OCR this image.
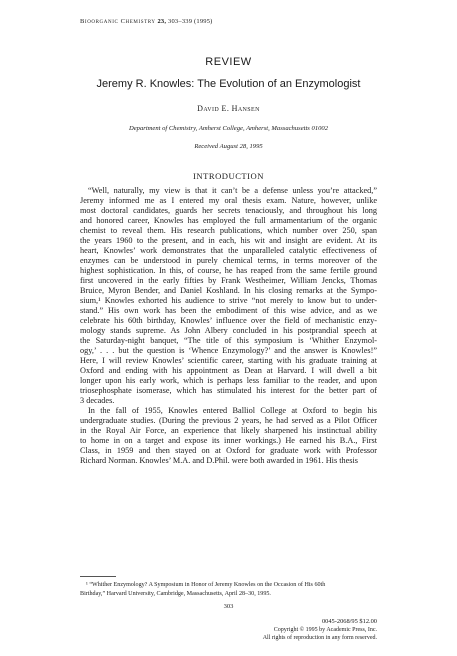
Bioorganic Chemistry 23, 303–339 (1995)
REVIEW
Jeremy R. Knowles: The Evolution of an Enzymologist
David E. Hansen
Department of Chemistry, Amherst College, Amherst, Massachusetts 01002
Received August 28, 1995
INTRODUCTION
“Well, naturally, my view is that it can’t be a defense unless you’re attacked,”
Jeremy informed me as I entered my oral thesis exam. Nature, however, unlike
most doctoral candidates, guards her secrets tenaciously, and throughout his long
and honored career, Knowles has employed the full armamentarium of the organic
chemist to reveal them. His research publications, which number over 250, span
the years 1960 to the present, and in each, his wit and insight are evident. At its
heart, Knowles’ work demonstrates that the unparalleled catalytic effectiveness of
enzymes can be understood in purely chemical terms, in terms moreover of the
highest sophistication. In this, of course, he has reaped from the same fertile ground
first uncovered in the early fifties by Frank Westheimer, William Jencks, Thomas
Bruice, Myron Bender, and Daniel Koshland. In his closing remarks at the Sympo-
sium,¹ Knowles exhorted his audience to strive “not merely to know but to under-
stand.” His own work has been the embodiment of this wise advice, and as we
celebrate his 60th birthday, Knowles’ influence over the field of mechanistic enzy-
mology stands supreme. As John Albery concluded in his postprandial speech at
the Saturday-night banquet, “The title of this symposium is ‘Whither Enzymol-
ogy,’ . . . but the question is ‘Whence Enzymology?’ and the answer is Knowles!”
Here, I will review Knowles’ scientific career, starting with his graduate training at
Oxford and ending with his appointment as Dean at Harvard. I will dwell a bit
longer upon his early work, which is perhaps less familiar to the reader, and upon
triosephosphate isomerase, which has stimulated his interest for the better part of
3 decades.
In the fall of 1955, Knowles entered Balliol College at Oxford to begin his
undergraduate studies. (During the previous 2 years, he had served as a Pilot Officer
in the Royal Air Force, an experience that likely sharpened his instinctual ability
to home in on a target and expose its inner workings.) He earned his B.A., First
Class, in 1959 and then stayed on at Oxford for graduate work with Professor
Richard Norman. Knowles’ M.A. and D.Phil. were both awarded in 1961. His thesis
¹ “Whither Enzymology? A Symposium in Honor of Jeremy Knowles on the Occasion of His 60th
Birthday,” Harvard University, Cambridge, Massachusetts, April 28–30, 1995.
303
0045-2068/95 $12.00
Copyright © 1995 by Academic Press, Inc.
All rights of reproduction in any form reserved.
